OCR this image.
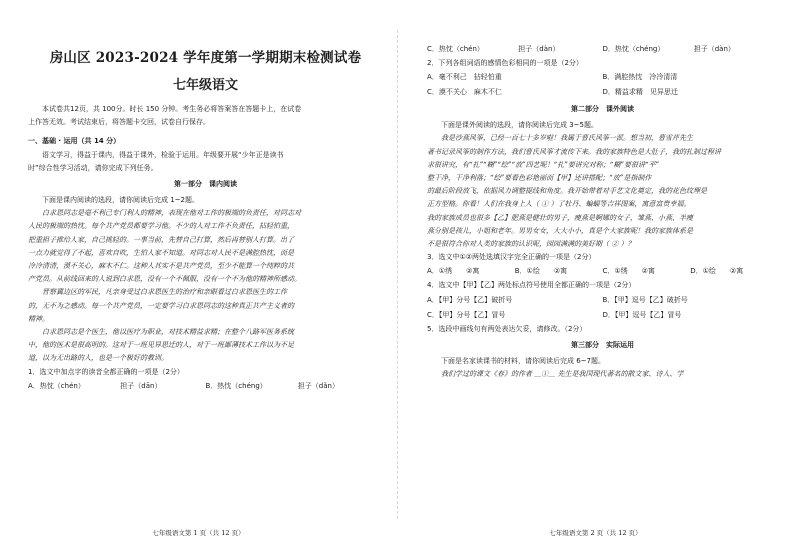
房山区 2023-2024 学年度第一学期期末检测试卷
七年级语文

本试卷共12页，共 100分。时长 150 分钟。考生务必将答案答在答题卡上，在试卷

上作答无效。考试结束后，将答题卡交回，试卷自行保存。

一、基础 · 运用（共 14 分）

语文学习，得益于课内，得益于课外，检验于运用。年级要开展“少年正是读书

时”综合性学习活动，请你完成下列任务。

第一部分　课内阅读

下面是课内阅读的选段，请你阅读后完成 1~2题。

白求恩同志是毫不利己专门利人的精神，表现在他对工作的极端的负责任，对同志对

人民的极端的热忱。每个共产党员都要学习他。不少的人对工作不负责任，拈轻怕重，

把重担子推给人家，自己挑轻的。一事当前，先替自己打算，然后再替别人打算。出了

一点力就觉得了不起，喜欢自吹，生怕人家不知道。对同志对人民不是满腔热忱，而是

冷冷清清，漠不关心，麻木不仁。这种人其实不是共产党员，至少不能算一个纯粹的共

产党员。从前线回来的人说到白求恩，没有一个不佩服，没有一个不为他的精神所感动。

晋察冀边区的军民，凡亲身受过白求恩医生的治疗和亲眼看过白求恩医生的工作

的，无不为之感动。每一个共产党员，一定要学习白求恩同志的这种真正共产主义者的

精神。

白求恩同志是个医生，他以医疗为职业，对技术精益求精；在整个八路军医务系统

中，他的医术是很高明的。这对于一班见异思迁的人，对于一班鄙薄技术工作以为不足

道，以为无出路的人，也是一个极好的教训。

1．选文中加点字的读音全都正确的一项是（2分）

A．热忱（chén）	担子（dān）	B．热忱（chéng）	担子（dǎn）
七年级语文第 1 页（共 12 页）
C．热忱（chén）	担子（dàn）	D．热忱（chéng）	担子（dàn）

2．下列各组词语的感情色彩相同的一项是（2分）

A．毫不利己　拈轻怕重	B．满腔热忱　冷冷清清
C．漠不关心　麻木不仁	D．精益求精　见异思迁
第二部分　课外阅读

下面是课外阅读的选段，请你阅读后完成 3~5题。

我是沙燕风筝，已经一百七十多岁啦！我属于曹氏风筝一派。想当初，曹雪芹先生

著书记录风筝的制作方法，我们曹氏风筝才流传下来。我的家族特色是大肚子，我的扎制过程讲

求很讲究，有“扎”“糊”“绘”“放”四艺呢！“扎”要讲究对称；“糊”要很讲“平”

整干净，干净利落；“绘”要看色彩艳丽而【甲】还讲搭配；“放”是指制作

的最后阶段放飞，依据风力调整提线和角度。我开始带着对手艺文化奠定，我的花色纹理是

正方型格。你看！人们在我身上人（ ① ）了牡丹、蝙蝠等吉祥图案，寓意富贵幸福。

我的家族成员也很多【乙】肥燕是健壮的男子，瘦燕是婀娜的女子，雏燕、小燕、半瘦

燕分别是孩儿，小姐和老年。男男女女，大大小小，真是个大家族呢！我的家族体系是

不是很符合你对人类的家族的认识呢，园园满满的美好期（ ② ）？

3．选文中①②两处选填汉字完全正确的一项是（2分）

A．①绣　　②寓	B．①绘　　②寓	C．①绣　　②寓	D．①绘　　②寓

4．选文中【甲】【乙】两处标点符号使用全都正确的一项是（2分）

A．【甲】分号【乙】破折号	B．【甲】逗号【乙】破折号
C．【甲】分号【乙】冒号	D．【甲】逗号【乙】冒号

5．选段中画线句有两处表达欠妥，请修改。（2分）

第三部分　实际运用

下面是名家读课书的材料，请你阅读后完成 6~7题。

我们学过的课文《春》的作者 ＿①＿ 先生是我国现代著名的散文家、诗人、学

七年级语文第 2 页（共 12 页）
